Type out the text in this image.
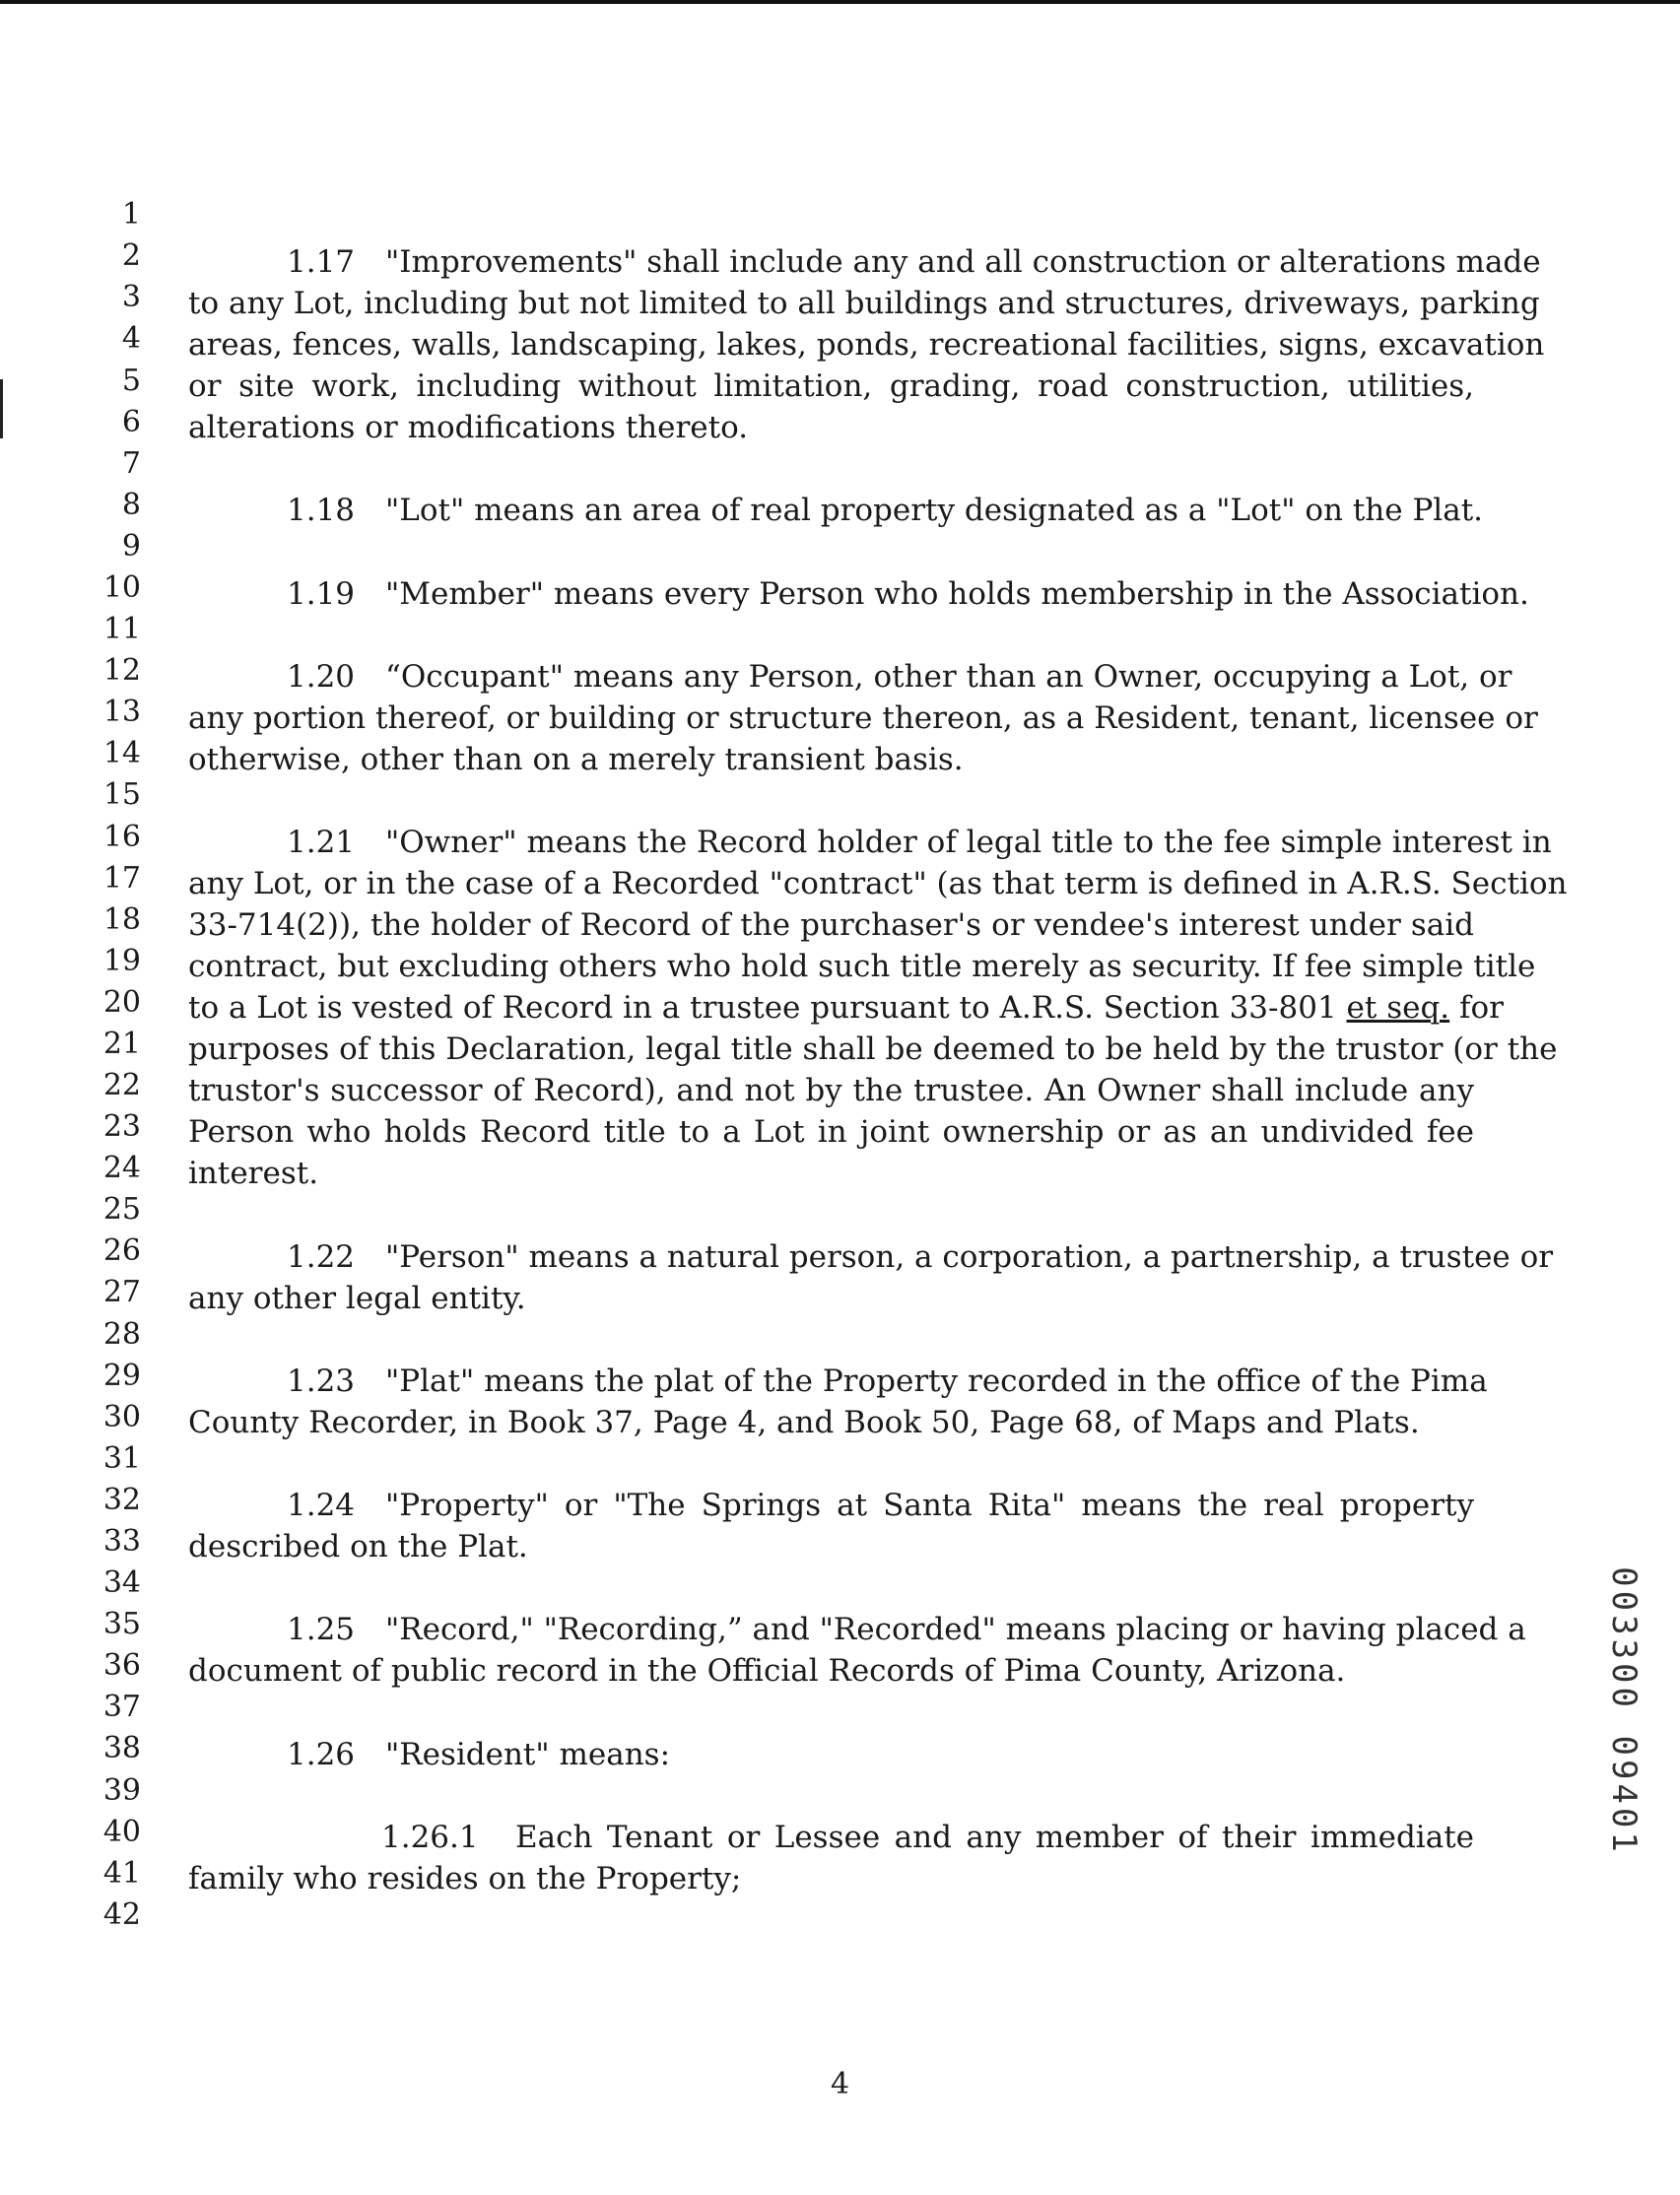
1
2
3
4
5
6
7
8
9
10
11
12
13
14
15
16
17
18
19
20
21
22
23
24
25
26
27
28
29
30
31
32
33
34
35
36
37
38
39
40
41
42
1.17 "Improvements" shall include any and all construction or alterations made
to any Lot, including but not limited to all buildings and structures, driveways, parking
areas, fences, walls, landscaping, lakes, ponds, recreational facilities, signs, excavation
or site work, including without limitation, grading, road construction, utilities,
alterations or modifications thereto.
1.18 "Lot" means an area of real property designated as a "Lot" on the Plat.
1.19 "Member" means every Person who holds membership in the Association.
1.20 “Occupant" means any Person, other than an Owner, occupying a Lot, or
any portion thereof, or building or structure thereon, as a Resident, tenant, licensee or
otherwise, other than on a merely transient basis.
1.21 "Owner" means the Record holder of legal title to the fee simple interest in
any Lot, or in the case of a Recorded "contract" (as that term is defined in A.R.S. Section
33-714(2)), the holder of Record of the purchaser's or vendee's interest under said
contract, but excluding others who hold such title merely as security. If fee simple title
to a Lot is vested of Record in a trustee pursuant to A.R.S. Section 33-801 et seq. for
purposes of this Declaration, legal title shall be deemed to be held by the trustor (or the
trustor's successor of Record), and not by the trustee. An Owner shall include any
Person who holds Record title to a Lot in joint ownership or as an undivided fee
interest.
1.22 "Person" means a natural person, a corporation, a partnership, a trustee or
any other legal entity.
1.23 "Plat" means the plat of the Property recorded in the office of the Pima
County Recorder, in Book 37, Page 4, and Book 50, Page 68, of Maps and Plats.
1.24 "Property" or "The Springs at Santa Rita" means the real property
described on the Plat.
1.25 "Record," "Recording,” and "Recorded" means placing or having placed a
document of public record in the Official Records of Pima County, Arizona.
1.26 "Resident" means:
1.26.1 Each Tenant or Lessee and any member of their immediate
family who resides on the Property;
003300 09401
4
